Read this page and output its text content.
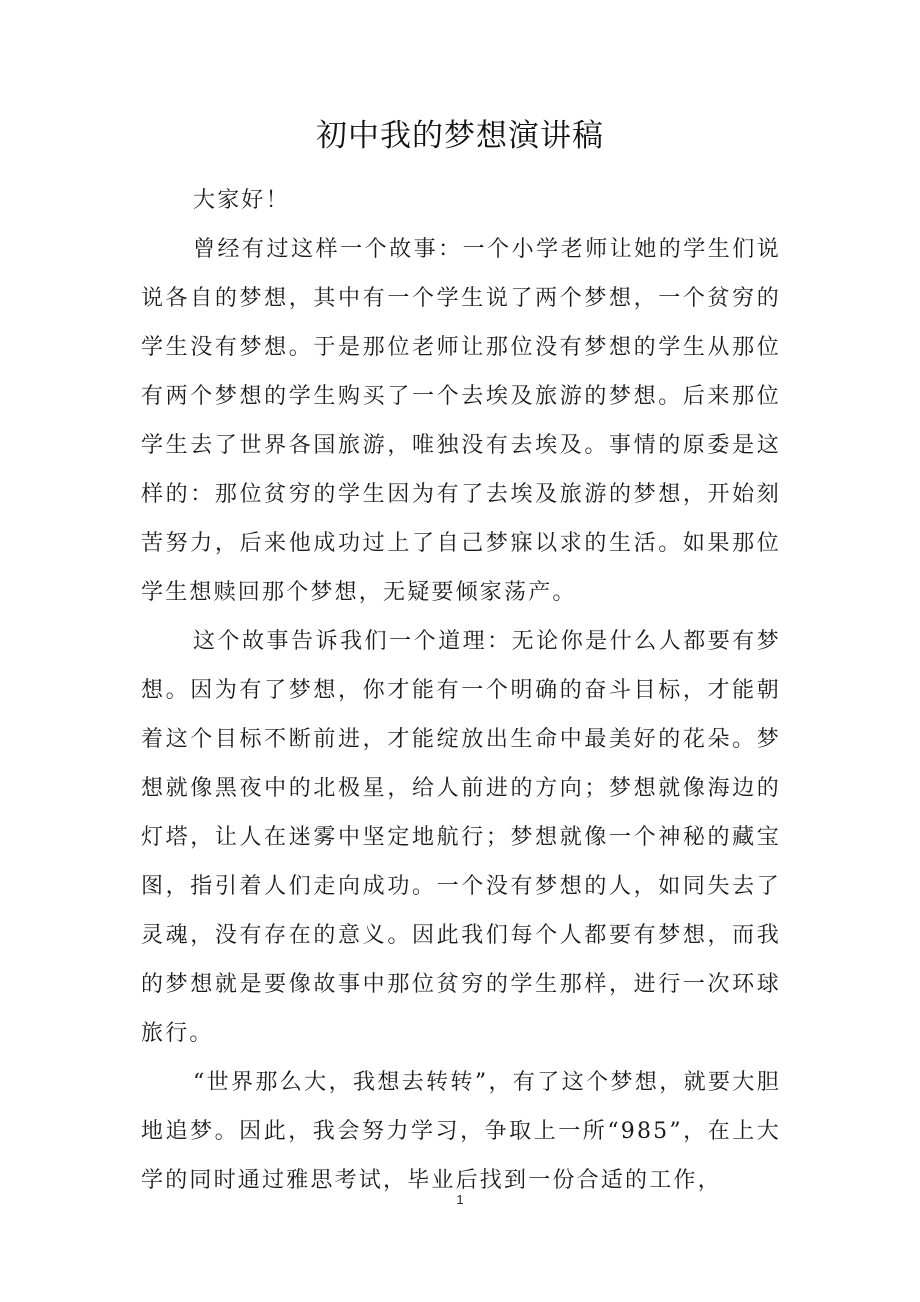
初中我的梦想演讲稿

大家好！

曾经有过这样一个故事：一个小学老师让她的学生们说说各自的梦想，其中有一个学生说了两个梦想，一个贫穷的学生没有梦想。于是那位老师让那位没有梦想的学生从那位有两个梦想的学生购买了一个去埃及旅游的梦想。后来那位学生去了世界各国旅游，唯独没有去埃及。事情的原委是这样的：那位贫穷的学生因为有了去埃及旅游的梦想，开始刻苦努力，后来他成功过上了自己梦寐以求的生活。如果那位学生想赎回那个梦想，无疑要倾家荡产。

这个故事告诉我们一个道理：无论你是什么人都要有梦想。因为有了梦想，你才能有一个明确的奋斗目标，才能朝着这个目标不断前进，才能绽放出生命中最美好的花朵。梦想就像黑夜中的北极星，给人前进的方向；梦想就像海边的灯塔，让人在迷雾中坚定地航行；梦想就像一个神秘的藏宝图，指引着人们走向成功。一个没有梦想的人，如同失去了灵魂，没有存在的意义。因此我们每个人都要有梦想，而我的梦想就是要像故事中那位贫穷的学生那样，进行一次环球旅行。

“世界那么大，我想去转转”，有了这个梦想，就要大胆地追梦。因此，我会努力学习，争取上一所“985”，在上大学的同时通过雅思考试，毕业后找到一份合适的工作，

1
